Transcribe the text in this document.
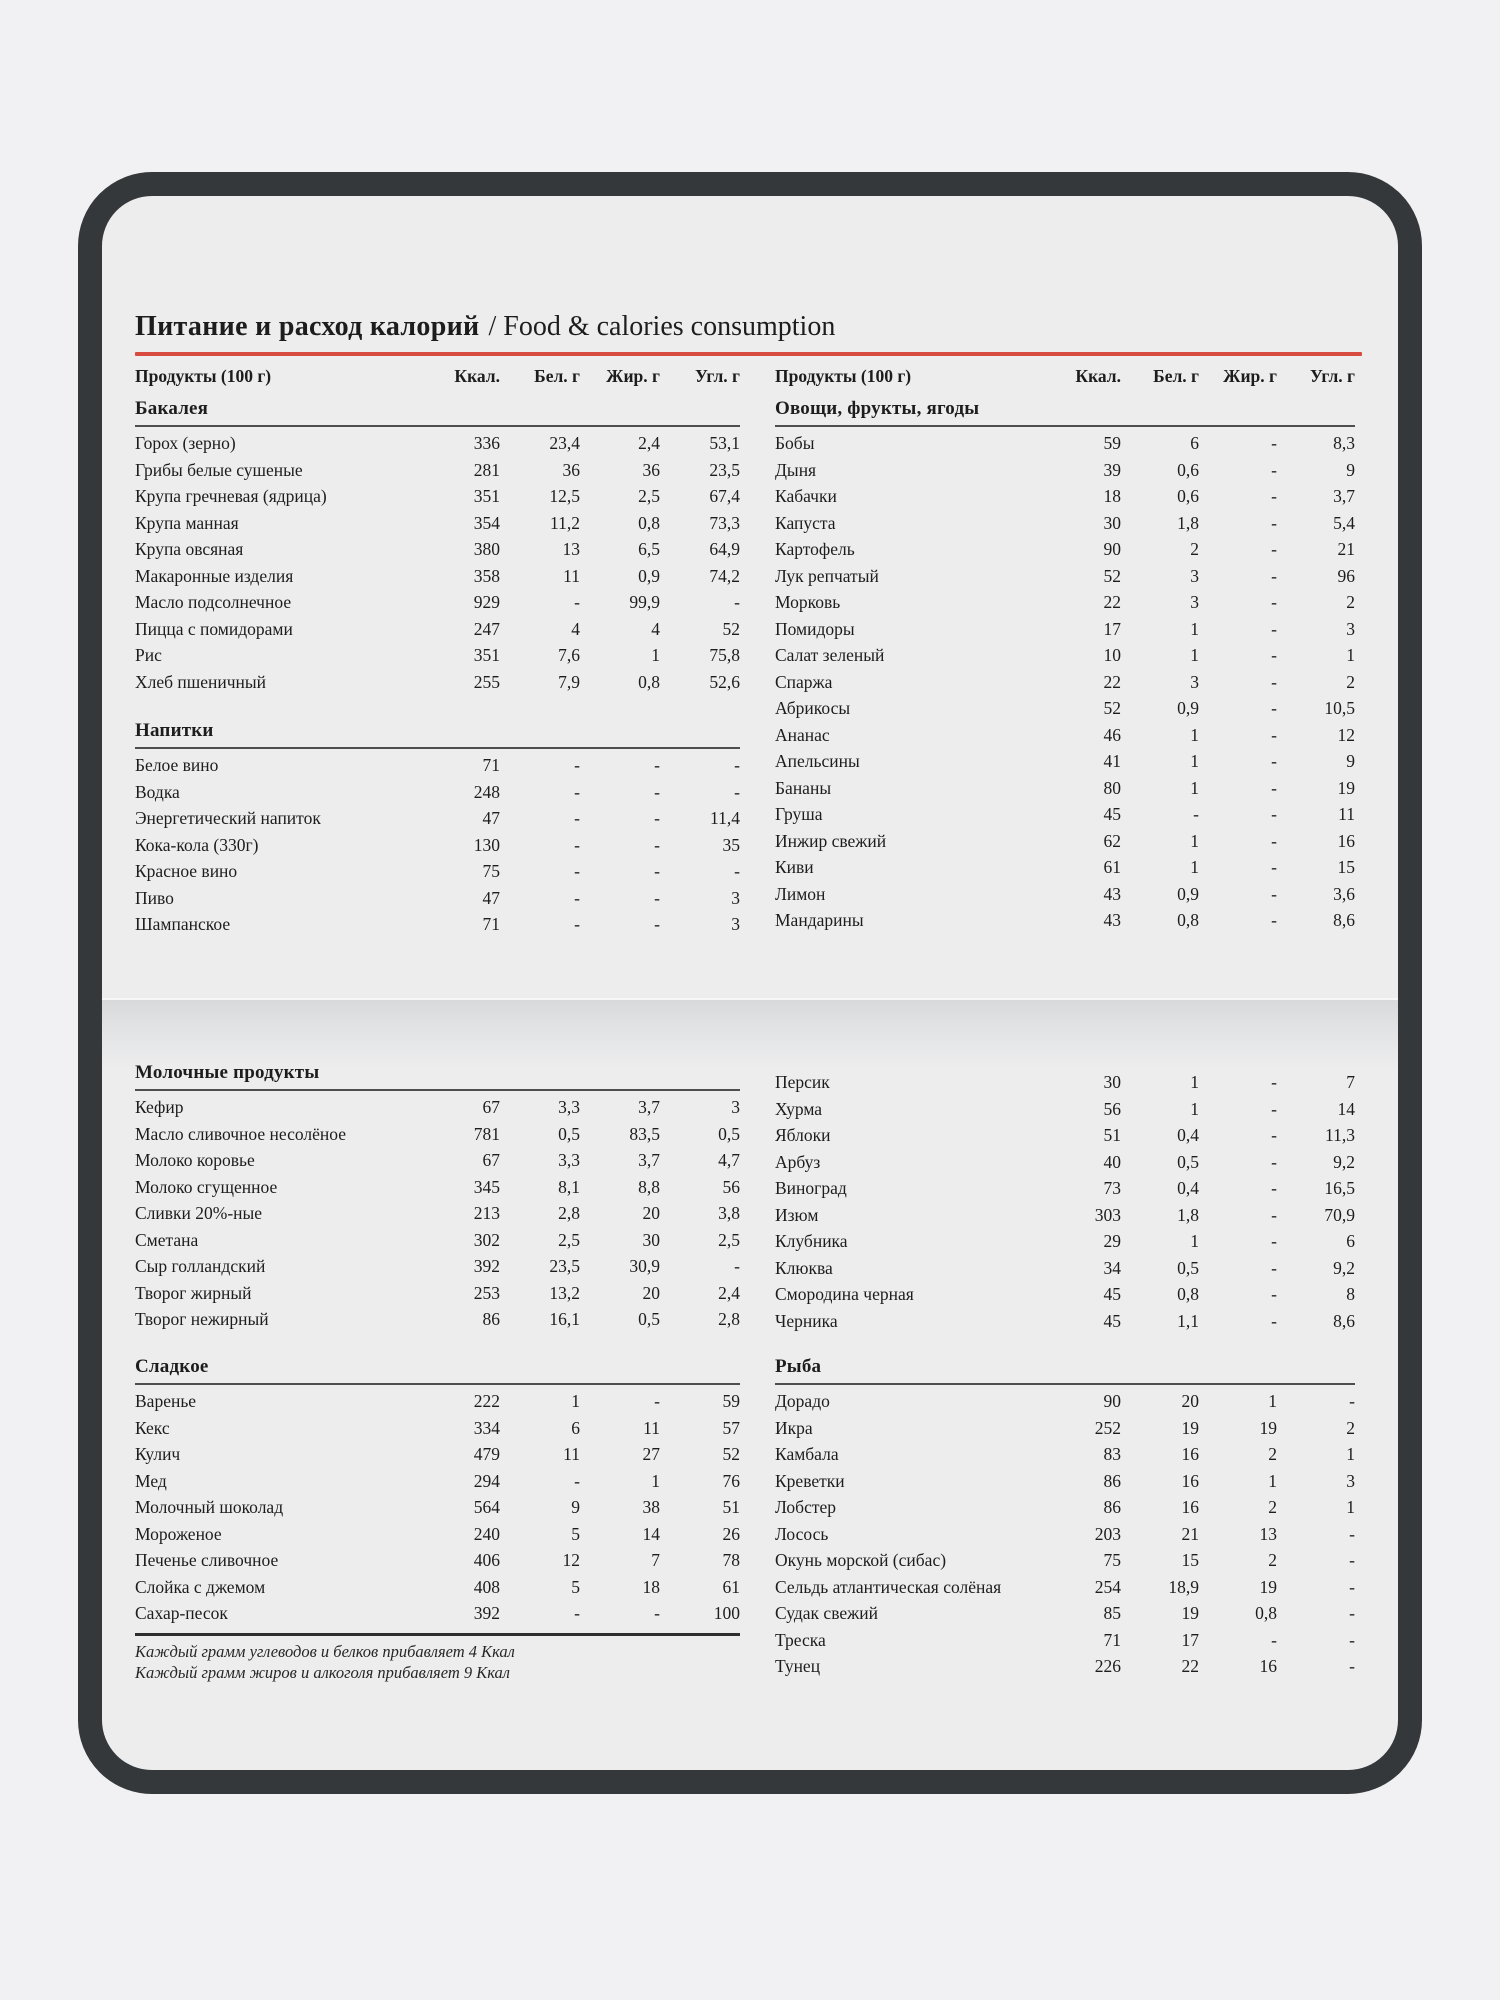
Питание и расход калорий / Food & calories consumption
Продукты (100 г)	Ккал.	Бел. г	Жир. г	Угл. г Продукты (100 г)	Ккал.	Бел. г	Жир. г	Угл. г
Бакалея
Горох (зерно)	336	23,4	2,4	53,1
Грибы белые сушеные	281	36	36	23,5
Крупа гречневая (ядрица)	351	12,5	2,5	67,4
Крупа манная	354	11,2	0,8	73,3
Крупа овсяная	380	13	6,5	64,9
Макаронные изделия	358	11	0,9	74,2
Масло подсолнечное	929	-	99,9	-
Пицца с помидорами	247	4	4	52
Рис	351	7,6	1	75,8
Хлеб пшеничный	255	7,9	0,8	52,6
Напитки
Белое вино	71	-	-	-
Водка	248	-	-	-
Энергетический напиток	47	-	-	11,4
Кока-кола (330г)	130	-	-	35
Красное вино	75	-	-	-
Пиво	47	-	-	3
Шампанское	71	-	-	3
Овощи, фрукты, ягоды
Бобы	59	6	-	8,3
Дыня	39	0,6	-	9
Кабачки	18	0,6	-	3,7
Капуста	30	1,8	-	5,4
Картофель	90	2	-	21
Лук репчатый	52	3	-	96
Морковь	22	3	-	2
Помидоры	17	1	-	3
Салат зеленый	10	1	-	1
Спаржа	22	3	-	2
Абрикосы	52	0,9	-	10,5
Ананас	46	1	-	12
Апельсины	41	1	-	9
Бананы	80	1	-	19
Груша	45	-	-	11
Инжир свежий	62	1	-	16
Киви	61	1	-	15
Лимон	43	0,9	-	3,6
Мандарины	43	0,8	-	8,6
Молочные продукты
Кефир	67	3,3	3,7	3
Масло сливочное несолёное	781	0,5	83,5	0,5
Молоко коровье	67	3,3	3,7	4,7
Молоко сгущенное	345	8,1	8,8	56
Сливки 20%-ные	213	2,8	20	3,8
Сметана	302	2,5	30	2,5
Сыр голландский	392	23,5	30,9	-
Творог жирный	253	13,2	20	2,4
Творог нежирный	86	16,1	0,5	2,8
Персик	30	1	-	7
Хурма	56	1	-	14
Яблоки	51	0,4	-	11,3
Арбуз	40	0,5	-	9,2
Виноград	73	0,4	-	16,5
Изюм	303	1,8	-	70,9
Клубника	29	1	-	6
Клюква	34	0,5	-	9,2
Смородина черная	45	0,8	-	8
Черника	45	1,1	-	8,6
Сладкое
Варенье	222	1	-	59
Кекс	334	6	11	57
Кулич	479	11	27	52
Мед	294	-	1	76
Молочный шоколад	564	9	38	51
Мороженое	240	5	14	26
Печенье сливочное	406	12	7	78
Слойка с джемом	408	5	18	61
Сахар-песок	392	-	-	100
Каждый грамм углеводов и белков прибавляет 4 Ккал
Каждый грамм жиров и алкоголя прибавляет 9 Ккал
Рыба
Дорадо	90	20	1	-
Икра	252	19	19	2
Камбала	83	16	2	1
Креветки	86	16	1	3
Лобстер	86	16	2	1
Лосось	203	21	13	-
Окунь морской (сибас)	75	15	2	-
Сельдь атлантическая солёная	254	18,9	19	-
Судак свежий	85	19	0,8	-
Треска	71	17	-	-
Тунец	226	22	16	-
